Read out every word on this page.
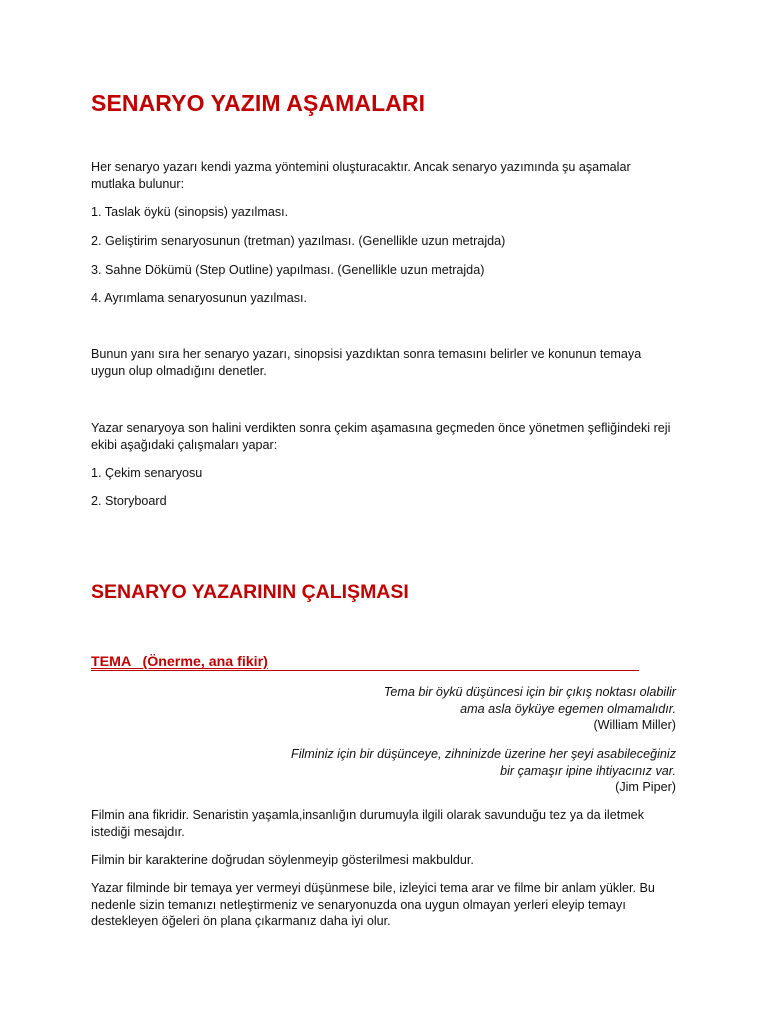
SENARYO YAZIM AŞAMALARI

Her senaryo yazarı kendi yazma yöntemini oluşturacaktır. Ancak senaryo yazımında şu aşamalar mutlaka bulunur:

1. Taslak öykü (sinopsis) yazılması.

2. Geliştirim senaryosunun (tretman) yazılması. (Genellikle uzun metrajda)

3. Sahne Dökümü (Step Outline) yapılması. (Genellikle uzun metrajda)

4. Ayrımlama senaryosunun yazılması.

Bunun yanı sıra her senaryo yazarı, sinopsisi yazdıktan sonra temasını belirler ve konunun temaya uygun olup olmadığını denetler.

Yazar senaryoya son halini verdikten sonra çekim aşamasına geçmeden önce yönetmen şefliğindeki reji ekibi aşağıdaki çalışmaları yapar:

1. Çekim senaryosu

2. Storyboard

SENARYO YAZARININ ÇALIŞMASI
TEMA   (Önerme, ana fikir)
Tema bir öykü düşüncesi için bir çıkış noktası olabilir
ama asla öyküye egemen olmamalıdır.
(William Miller)
Filminiz için bir düşünceye, zihninizde üzerine her şeyi asabileceğiniz
bir çamaşır ipine ihtiyacınız var.
(Jim Piper)

Filmin ana fikridir. Senaristin yaşamla,insanlığın durumuyla ilgili olarak savunduğu tez ya da iletmek istediği mesajdır.

Filmin bir karakterine doğrudan söylenmeyip gösterilmesi makbuldur.

Yazar filminde bir temaya yer vermeyi düşünmese bile, izleyici tema arar ve filme bir anlam yükler. Bu nedenle sizin temanızı netleştirmeniz ve senaryonuzda ona uygun olmayan yerleri eleyip temayı destekleyen öğeleri ön plana çıkarmanız daha iyi olur.
